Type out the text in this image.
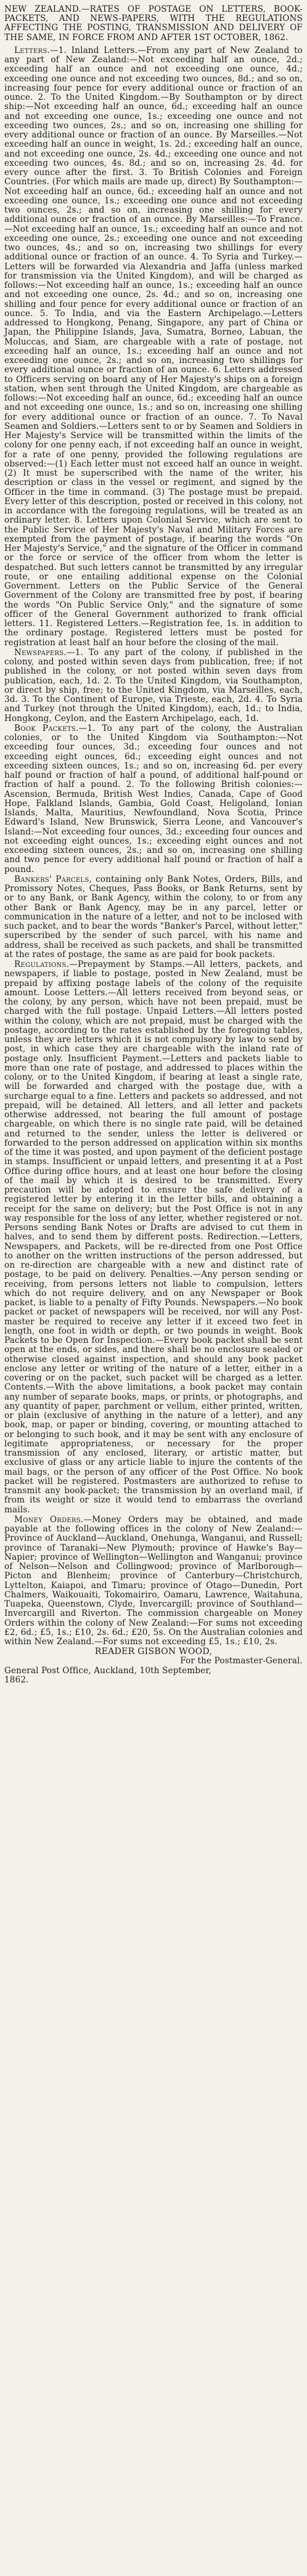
NEW ZEALAND.—RATES OF POSTAGE ON LETTERS, BOOK-PACKETS, AND NEWS-PAPERS, WITH THE REGULATIONS AFFECTING THE POSTING, TRANSMISSION AND DELIVERY OF THE SAME, IN FORCE FROM AND AFTER 1ST OCTOBER, 1862.

Letters.—1. Inland Letters.—From any part of New Zealand to any part of New Zealand:—Not exceeding half an ounce, 2d.; exceeding half an ounce and not exceeding one ounce, 4d.; exceeding one ounce and not exceeding two ounces, 8d.; and so on, increasing four pence for every additional ounce or fraction of an ounce. 2. To the United Kingdom.—By Southampton or by direct ship:—Not exceeding half an ounce, 6d.; exceeding half an ounce and not exceeding one ounce, 1s.; exceeding one ounce and not exceeding two ounces, 2s.; and so on, increasing one shilling for every additional ounce or fraction of an ounce. By Marseilles.—Not exceeding half an ounce in weight, 1s. 2d.; exceeding half an ounce, and not exceeding one ounce, 2s. 4d.; exceeding one ounce and not exceeding two ounces, 4s. 8d.; and so on, increasing 2s. 4d. for every ounce after the first. 3. To British Colonies and Foreign Countries. (For which mails are made up, direct) By Southampton:—Not exceeding half an ounce, 6d.; exceeding half an ounce and not exceeding one ounce, 1s.; exceeding one ounce and not exceeding two ounces, 2s.; and so on, increasing one shilling for every additional ounce or fraction of an ounce. By Marseilles:—To France.—Not exceeding half an ounce, 1s.; exceeding half an ounce and not exceeding one ounce, 2s.; exceeding one ounce and not exceeding two ounces, 4s.; and so on, increasing two shillings for every additional ounce or fraction of an ounce. 4. To Syria and Turkey.—Letters will be forwarded via Alexandria and Jaffa (unless marked for transmission via the United Kingdom), and will be charged as follows:—Not exceeding half an ounce, 1s.; exceeding half an ounce and not exceeding one ounce, 2s. 4d.; and so on, increasing one shilling and four pence for every additional ounce or fraction of an ounce. 5. To India, and via the Eastern Archipelago.—Letters addressed to Hongkong, Penang, Singapore, any part of China or Japan, the Philippine Islands, Java, Sumatra, Borneo, Labuan, the Moluccas, and Siam, are chargeable with a rate of postage, not exceeding half an ounce, 1s.; exceeding half an ounce and not exceeding one ounce, 2s.; and so on, increasing two shillings for every additional ounce or fraction of an ounce. 6. Letters addressed to Officers serving on board any of Her Majesty's ships on a foreign station, when sent through the United Kingdom, are chargeable as follows:—Not exceeding half an ounce, 6d.; exceeding half an ounce and not exceeding one ounce, 1s.; and so on, increasing one shilling for every additional ounce or fraction of an ounce. 7. To Naval Seamen and Soldiers.—Letters sent to or by Seamen and Soldiers in Her Majesty's Service will be transmitted within the limits of the colony for one penny each, if not exceeding half an ounce in weight, for a rate of one penny, provided the following regulations are observed:—(1) Each letter must not exceed half an ounce in weight. (2) It must be superscribed with the name of the writer, his description or class in the vessel or regiment, and signed by the Officer in the time in command. (3) The postage must be prepaid. Every letter of this description, posted or received in this colony, not in accordance with the foregoing regulations, will be treated as an ordinary letter. 8. Letters upon Colonial Service, which are sent to the Public Service of Her Majesty's Naval and Military Forces are exempted from the payment of postage, if bearing the words "On Her Majesty's Service," and the signature of the Officer in command or the force or service of the officer from whom the letter is despatched. But such letters cannot be transmitted by any irregular route, or one entailing additional expense on the Colonial Government. Letters on the Public Service of the General Government of the Colony are transmitted free by post, if bearing the words "On Public Service Only," and the signature of some officer of the General Government authorized to frank official letters. 11. Registered Letters.—Registration fee, 1s. in addition to the ordinary postage. Registered letters must be posted for registration at least half an hour before the closing of the mail.

Newspapers.—1. To any part of the colony, if published in the colony, and posted within seven days from publication, free; if not published in the colony, or not posted within seven days from publication, each, 1d. 2. To the United Kingdom, via Southampton, or direct by ship, free; to the United Kingdom, via Marseilles, each, 3d. 3. To the Continent of Europe, via Trieste, each, 2d. 4. To Syria and Turkey (not through the United Kingdom), each, 1d.; to India, Hongkong, Ceylon, and the Eastern Archipelago, each, 1d.

Book Packets.—1. To any part of the colony, the Australian colonies, or to the United Kingdom via Southampton:—Not exceeding four ounces, 3d.; exceeding four ounces and not exceeding eight ounces, 6d.; exceeding eight ounces and not exceeding sixteen ounces, 1s.; and so on, increasing 6d. per every half pound or fraction of half a pound, of additional half-pound or fraction of half a pound. 2. To the following British colonies:—Ascension, Bermuda, British West Indies, Canada, Cape of Good Hope, Falkland Islands, Gambia, Gold Coast, Heligoland, Ionian Islands, Malta, Mauritius, Newfoundland, Nova Scotia, Prince Edward's Island, New Brunswick, Sierra Leone, and Vancouver's Island:—Not exceeding four ounces, 3d.; exceeding four ounces and not exceeding eight ounces, 1s.; exceeding eight ounces and not exceeding sixteen ounces, 2s.; and so on, increasing one shilling and two pence for every additional half pound or fraction of half a pound.

Bankers' Parcels, containing only Bank Notes, Orders, Bills, and Promissory Notes, Cheques, Pass Books, or Bank Returns, sent by or to any Bank, or Bank Agency, within the colony, to or from any other Bank or Bank Agency, may be in any parcel, letter or communication in the nature of a letter, and not to be inclosed with such packet, and to bear the words "Banker's Parcel, without letter," superscribed by the sender of such parcel, with his name and address, shall be received as such packets, and shall be transmitted at the rates of postage, the same as are paid for book packets.

Regulations.—Prepayment by Stamps.—All letters, packets, and newspapers, if liable to postage, posted in New Zealand, must be prepaid by affixing postage labels of the colony of the requisite amount. Loose Letters.—All letters received from beyond seas, or the colony, by any person, which have not been prepaid, must be charged with the full postage. Unpaid Letters.—All letters posted within the colony, which are not prepaid, must be charged with the postage, according to the rates established by the foregoing tables, unless they are letters which it is not compulsory by law to send by post, in which case they are chargeable with the inland rate of postage only. Insufficient Payment.—Letters and packets liable to more than one rate of postage, and addressed to places within the colony, or to the United Kingdom, if bearing at least a single rate, will be forwarded and charged with the postage due, with a surcharge equal to a fine. Letters and packets so addressed, and not prepaid, will be detained. All letters, and all letter and packets otherwise addressed, not bearing the full amount of postage chargeable, on which there is no single rate paid, will be detained and returned to the sender, unless the letter is delivered or forwarded to the person addressed on application within six months of the time it was posted, and upon payment of the deficient postage in stamps. Insufficient or unpaid letters, and presenting it at a Post Office during office hours, and at least one hour before the closing of the mail by which it is desired to be transmitted. Every precaution will be adopted to ensure the safe delivery of a registered letter by entering it in the letter bills, and obtaining a receipt for the same on delivery; but the Post Office is not in any way responsible for the loss of any letter, whether registered or not. Persons sending Bank Notes or Drafts are advised to cut them in halves, and to send them by different posts. Redirection.—Letters, Newspapers, and Packets, will be re-directed from one Post Office to another on the written instructions of the person addressed, but on re-direction are chargeable with a new and distinct rate of postage, to be paid on delivery. Penalties.—Any person sending or receiving, from persons letters not liable to compulsion, letters which do not require delivery, and on any Newspaper or Book packet, is liable to a penalty of Fifty Pounds. Newspapers.—No book packet or packet of newspapers will be received, nor will any Post-master be required to receive any letter if it exceed two feet in length, one foot in width or depth, or two pounds in weight. Book Packets to be Open for Inspection.—Every book packet shall be sent open at the ends, or sides, and there shall be no enclosure sealed or otherwise closed against inspection, and should any book packet enclose any letter or writing of the nature of a letter, either in a covering or on the packet, such packet will be charged as a letter. Contents.—With the above limitations, a book packet may contain any number of separate books, maps, or prints, or photographs, and any quantity of paper, parchment or vellum, either printed, written, or plain (exclusive of anything in the nature of a letter), and any book, map, or paper or binding, covering, or mounting attached to or belonging to such book, and it may be sent with any enclosure of legitimate appropriateness, or necessary for the proper transmission of any enclosed, literary, or artistic matter, but exclusive of glass or any article liable to injure the contents of the mail bags, or the person of any officer of the Post Office. No book packet will be registered. Postmasters are authorized to refuse to transmit any book-packet; the transmission by an overland mail, if from its weight or size it would tend to embarrass the overland mails.

Money Orders.—Money Orders may be obtained, and made payable at the following offices in the colony of New Zealand:—Province of Auckland—Auckland, Onehunga, Wanganui, and Russell; province of Taranaki—New Plymouth; province of Hawke's Bay—Napier; province of Wellington—Wellington and Wanganui; province of Nelson—Nelson and Collingwood; province of Marlborough—Picton and Blenheim; province of Canterbury—Christchurch, Lyttelton, Kaiapoi, and Timaru; province of Otago—Dunedin, Port Chalmers, Waikouaiti, Tokomairiro, Oamaru, Lawrence, Waitahuna, Tuapeka, Queenstown, Clyde, Invercargill; province of Southland—Invercargill and Riverton. The commission chargeable on Money Orders within the colony of New Zealand:—For sums not exceeding £2, 6d.; £5, 1s.; £10, 2s. 6d.; £20, 5s. On the Australian colonies and within New Zealand.—For sums not exceeding £5, 1s.; £10, 2s.

READER GISBON WOOD,

For the Postmaster-General.

General Post Office, Auckland, 10th September,

1862.
